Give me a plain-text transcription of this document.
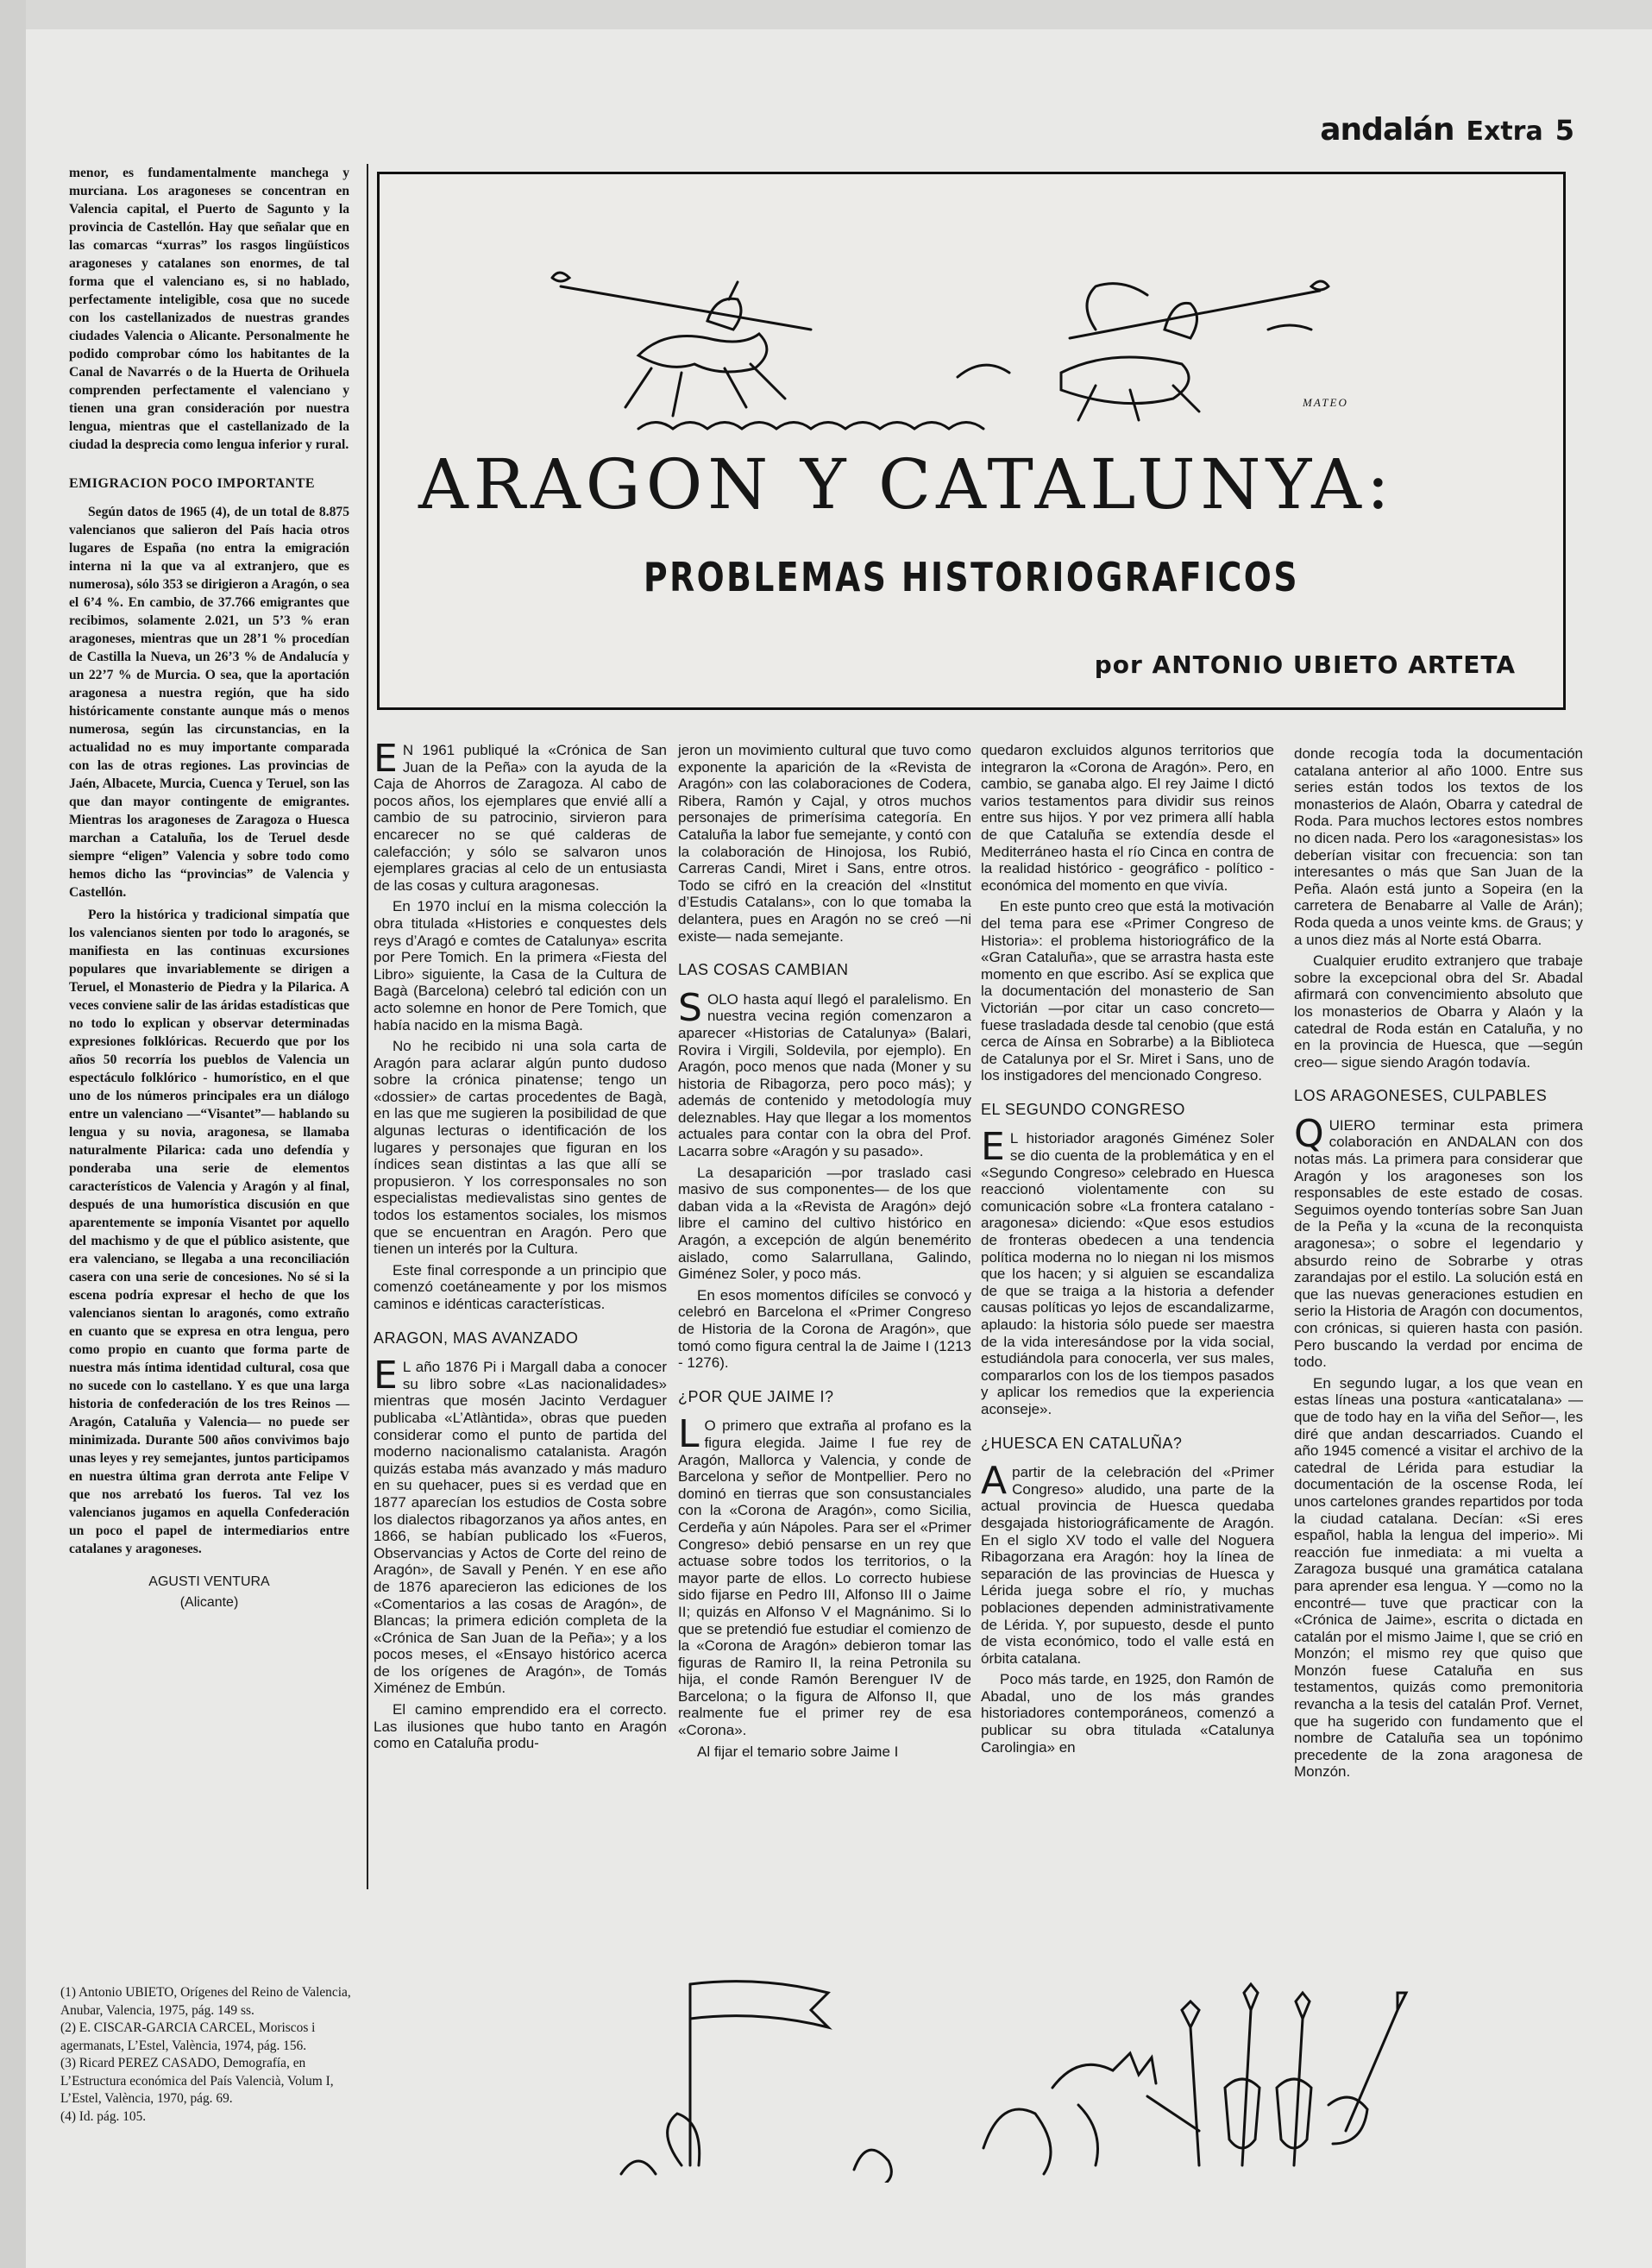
andalán Extra 5

menor, es fundamentalmente manchega y murciana. Los aragoneses se concentran en Valencia capital, el Puerto de Sagunto y la provincia de Castellón. Hay que señalar que en las comarcas “xurras” los rasgos lingüísticos aragoneses y catalanes son enormes, de tal forma que el valenciano es, si no hablado, perfectamente inteligible, cosa que no sucede con los castellanizados de nuestras grandes ciudades Valencia o Alicante. Personalmente he podido comprobar cómo los habitantes de la Canal de Navarrés o de la Huerta de Orihuela comprenden perfectamente el valenciano y tienen una gran consideración por nuestra lengua, mientras que el castellanizado de la ciudad la desprecia como lengua inferior y rural.

EMIGRACION POCO IMPORTANTE

Según datos de 1965 (4), de un total de 8.875 valencianos que salieron del País hacia otros lugares de España (no entra la emigración interna ni la que va al extranjero, que es numerosa), sólo 353 se dirigieron a Aragón, o sea el 6’4 %. En cambio, de 37.766 emigrantes que recibimos, solamente 2.021, un 5’3 % eran aragoneses, mientras que un 28’1 % procedían de Castilla la Nueva, un 26’3 % de Andalucía y un 22’7 % de Murcia. O sea, que la aportación aragonesa a nuestra región, que ha sido históricamente constante aunque más o menos numerosa, según las circunstancias, en la actualidad no es muy importante comparada con las de otras regiones. Las provincias de Jaén, Albacete, Murcia, Cuenca y Teruel, son las que dan mayor contingente de emigrantes. Mientras los aragoneses de Zaragoza o Huesca marchan a Cataluña, los de Teruel desde siempre “eligen” Valencia y sobre todo como hemos dicho las “provincias” de Valencia y Castellón.

Pero la histórica y tradicional simpatía que los valencianos sienten por todo lo aragonés, se manifiesta en las continuas excursiones populares que invariablemente se dirigen a Teruel, el Monasterio de Piedra y la Pilarica. A veces conviene salir de las áridas estadísticas que no todo lo explican y observar determinadas expresiones folklóricas. Recuerdo que por los años 50 recorría los pueblos de Valencia un espectáculo folklórico - humorístico, en el que uno de los números principales era un diálogo entre un valenciano —“Visantet”— hablando su lengua y su novia, aragonesa, se llamaba naturalmente Pilarica: cada uno defendía y ponderaba una serie de elementos característicos de Valencia y Aragón y al final, después de una humorística discusión en que aparentemente se imponía Visantet por aquello del machismo y de que el público asistente, que era valenciano, se llegaba a una reconciliación casera con una serie de concesiones. No sé si la escena podría expresar el hecho de que los valencianos sientan lo aragonés, como extraño en cuanto que se expresa en otra lengua, pero como propio en cuanto que forma parte de nuestra más íntima identidad cultural, cosa que no sucede con lo castellano. Y es que una larga historia de confederación de los tres Reinos —Aragón, Cataluña y Valencia— no puede ser minimizada. Durante 500 años convivimos bajo unas leyes y rey semejantes, juntos participamos en nuestra última gran derrota ante Felipe V que nos arrebató los fueros. Tal vez los valencianos jugamos en aquella Confederación un poco el papel de intermediarios entre catalanes y aragoneses.

AGUSTI VENTURA
(Alicante)
(1) Antonio UBIETO, Orígenes del Reino de Valencia, Anubar, Valencia, 1975, pág. 149 ss.
(2) E. CISCAR-GARCIA CARCEL, Moriscos i agermanats, L’Estel, València, 1974, pág. 156.
(3) Ricard PEREZ CASADO, Demografía, en L’Estructura económica del País Valencià, Volum I, L’Estel, València, 1970, pág. 69.
(4) Id. pág. 105.
MATEO
ARAGON Y CATALUNYA:
PROBLEMAS HISTORIOGRAFICOS
por ANTONIO UBIETO ARTETA

E N 1961 publiqué la «Crónica de San Juan de la Peña» con la ayuda de la Caja de Ahorros de Zaragoza. Al cabo de pocos años, los ejemplares que envié allí a cambio de su patrocinio, sirvieron para encarecer no se qué calderas de calefacción; y sólo se salvaron unos ejemplares gracias al celo de un entusiasta de las cosas y cultura aragonesas.

En 1970 incluí en la misma colección la obra titulada «Histories e conquestes dels reys d’Aragó e comtes de Catalunya» escrita por Pere Tomich. En la primera «Fiesta del Libro» siguiente, la Casa de la Cultura de Bagà (Barcelona) celebró tal edición con un acto solemne en honor de Pere Tomich, que había nacido en la misma Bagà.

No he recibido ni una sola carta de Aragón para aclarar algún punto dudoso sobre la crónica pinatense; tengo un «dossier» de cartas procedentes de Bagà, en las que me sugieren la posibilidad de que algunas lecturas o identificación de los lugares y personajes que figuran en los índices sean distintas a las que allí se propusieron. Y los corresponsales no son especialistas medievalistas sino gentes de todos los estamentos sociales, los mismos que se encuentran en Aragón. Pero que tienen un interés por la Cultura.

Este final corresponde a un principio que comenzó coetáneamente y por los mismos caminos e idénticas características.

ARAGON, MAS AVANZADO

E L año 1876 Pi i Margall daba a conocer su libro sobre «Las nacionalidades» mientras que mosén Jacinto Verdaguer publicaba «L’Atlàntida», obras que pueden considerar como el punto de partida del moderno nacionalismo catalanista. Aragón quizás estaba más avanzado y más maduro en su quehacer, pues si es verdad que en 1877 aparecían los estudios de Costa sobre los dialectos ribagorzanos ya años antes, en 1866, se habían publicado los «Fueros, Observancias y Actos de Corte del reino de Aragón», de Savall y Penén. Y en ese año de 1876 aparecieron las ediciones de los «Comentarios a las cosas de Aragón», de Blancas; la primera edición completa de la «Crónica de San Juan de la Peña»; y a los pocos meses, el «Ensayo histórico acerca de los orígenes de Aragón», de Tomás Ximénez de Embún.

El camino emprendido era el correcto. Las ilusiones que hubo tanto en Aragón como en Cataluña produ-

jeron un movimiento cultural que tuvo como exponente la aparición de la «Revista de Aragón» con las colaboraciones de Codera, Ribera, Ramón y Cajal, y otros muchos personajes de primerísima categoría. En Cataluña la labor fue semejante, y contó con la colaboración de Hinojosa, los Rubió, Carreras Candi, Miret i Sans, entre otros. Todo se cifró en la creación del «Institut d’Estudis Catalans», con lo que tomaba la delantera, pues en Aragón no se creó —ni existe— nada semejante.

LAS COSAS CAMBIAN

SOLO hasta aquí llegó el paralelismo. En nuestra vecina región comenzaron a aparecer «Historias de Catalunya» (Balari, Rovira i Virgili, Soldevila, por ejemplo). En Aragón, poco menos que nada (Moner y su historia de Ribagorza, pero poco más); y además de contenido y metodología muy deleznables. Hay que llegar a los momentos actuales para contar con la obra del Prof. Lacarra sobre «Aragón y su pasado».

La desaparición —por traslado casi masivo de sus componentes— de los que daban vida a la «Revista de Aragón» dejó libre el camino del cultivo histórico en Aragón, a excepción de algún benemérito aislado, como Salarrullana, Galindo, Giménez Soler, y poco más.

En esos momentos difíciles se convocó y celebró en Barcelona el «Primer Congreso de Historia de la Corona de Aragón», que tomó como figura central la de Jaime I (1213 - 1276).

¿POR QUE JAIME I?

L O primero que extraña al profano es la figura elegida. Jaime I fue rey de Aragón, Mallorca y Valencia, y conde de Barcelona y señor de Montpellier. Pero no dominó en tierras que son consustanciales con la «Corona de Aragón», como Sicilia, Cerdeña y aún Nápoles. Para ser el «Primer Congreso» debió pensarse en un rey que actuase sobre todos los territorios, o la mayor parte de ellos. Lo correcto hubiese sido fijarse en Pedro III, Alfonso III o Jaime II; quizás en Alfonso V el Magnánimo. Si lo que se pretendió fue estudiar el comienzo de la «Corona de Aragón» debieron tomar las figuras de Ramiro II, la reina Petronila su hija, el conde Ramón Berenguer IV de Barcelona; o la figura de Alfonso II, que realmente fue el primer rey de esa «Corona».

Al fijar el temario sobre Jaime I

quedaron excluidos algunos territorios que integraron la «Corona de Aragón». Pero, en cambio, se ganaba algo. El rey Jaime I dictó varios testamentos para dividir sus reinos entre sus hijos. Y por vez primera allí habla de que Cataluña se extendía desde el Mediterráneo hasta el río Cinca en contra de la realidad histórico - geográfico - político - económica del momento en que vivía.

En este punto creo que está la motivación del tema para ese «Primer Congreso de Historia»: el problema historiográfico de la «Gran Cataluña», que se arrastra hasta este momento en que escribo. Así se explica que la documentación del monasterio de San Victorián —por citar un caso concreto— fuese trasladada desde tal cenobio (que está cerca de Aínsa en Sobrarbe) a la Biblioteca de Catalunya por el Sr. Miret i Sans, uno de los instigadores del mencionado Congreso.

EL SEGUNDO CONGRESO

E L historiador aragonés Giménez Soler se dio cuenta de la problemática y en el «Segundo Congreso» celebrado en Huesca reaccionó violentamente con su comunicación sobre «La frontera catalano - aragonesa» diciendo: «Que esos estudios de fronteras obedecen a una tendencia política moderna no lo niegan ni los mismos que los hacen; y si alguien se escandaliza de que se traiga a la historia a defender causas políticas yo lejos de escandalizarme, aplaudo: la historia sólo puede ser maestra de la vida interesándose por la vida social, estudiándola para conocerla, ver sus males, compararlos con los de los tiempos pasados y aplicar los remedios que la experiencia aconseje».

¿HUESCA EN CATALUÑA?

A partir de la celebración del «Primer Congreso» aludido, una parte de la actual provincia de Huesca quedaba desgajada historiográficamente de Aragón. En el siglo XV todo el valle del Noguera Ribagorzana era Aragón: hoy la línea de separación de las provincias de Huesca y Lérida juega sobre el río, y muchas poblaciones dependen administrativamente de Lérida. Y, por supuesto, desde el punto de vista económico, todo el valle está en órbita catalana.

Poco más tarde, en 1925, don Ramón de Abadal, uno de los más grandes historiadores contemporáneos, comenzó a publicar su obra titulada «Catalunya Carolingia» en

donde recogía toda la documentación catalana anterior al año 1000. Entre sus series están todos los textos de los monasterios de Alaón, Obarra y catedral de Roda. Para muchos lectores estos nombres no dicen nada. Pero los «aragonesistas» los deberían visitar con frecuencia: son tan interesantes o más que San Juan de la Peña. Alaón está junto a Sopeira (en la carretera de Benabarre al Valle de Arán); Roda queda a unos veinte kms. de Graus; y a unos diez más al Norte está Obarra.

Cualquier erudito extranjero que trabaje sobre la excepcional obra del Sr. Abadal afirmará con convencimiento absoluto que los monasterios de Obarra y Alaón y la catedral de Roda están en Cataluña, y no en la provincia de Huesca, que —según creo— sigue siendo Aragón todavía.

LOS ARAGONESES, CULPABLES

QUIERO terminar esta primera colaboración en ANDALAN con dos notas más. La primera para considerar que Aragón y los aragoneses son los responsables de este estado de cosas. Seguimos oyendo tonterías sobre San Juan de la Peña y la «cuna de la reconquista aragonesa»; o sobre el legendario y absurdo reino de Sobrarbe y otras zarandajas por el estilo. La solución está en que las nuevas generaciones estudien en serio la Historia de Aragón con documentos, con crónicas, si quieren hasta con pasión. Pero buscando la verdad por encima de todo.

En segundo lugar, a los que vean en estas líneas una postura «anticatalana» —que de todo hay en la viña del Señor—, les diré que andan descarriados. Cuando el año 1945 comencé a visitar el archivo de la catedral de Lérida para estudiar la documentación de la oscense Roda, leí unos cartelones grandes repartidos por toda la ciudad catalana. Decían: «Si eres español, habla la lengua del imperio». Mi reacción fue inmediata: a mi vuelta a Zaragoza busqué una gramática catalana para aprender esa lengua. Y —como no la encontré— tuve que practicar con la «Crónica de Jaime», escrita o dictada en catalán por el mismo Jaime I, que se crió en Monzón; el mismo rey que quiso que Monzón fuese Cataluña en sus testamentos, quizás como premonitoria revancha a la tesis del catalán Prof. Vernet, que ha sugerido con fundamento que el nombre de Cataluña sea un topónimo precedente de la zona aragonesa de Monzón.
